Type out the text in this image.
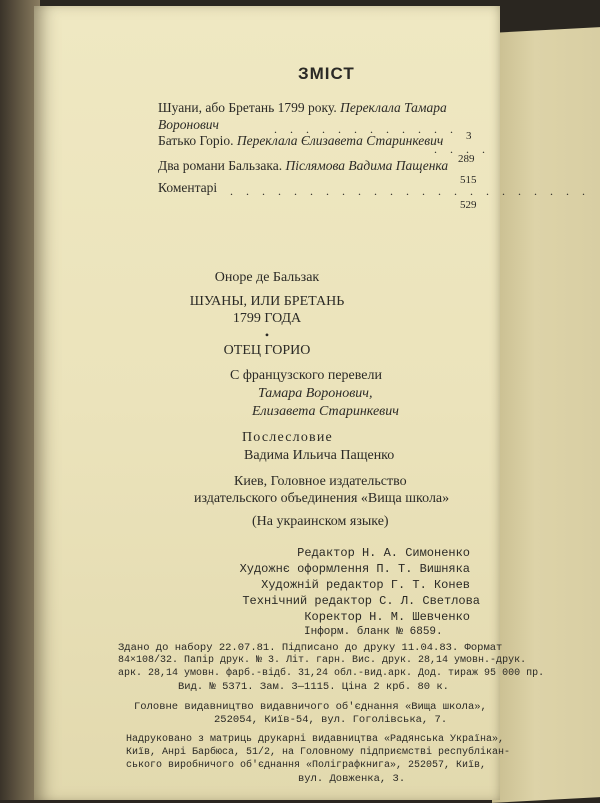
ЗМІСТ
Шуани, або Бретань 1799 року. Переклала Тамара
Воронович	. . . . . . . . . . . . 3
Батько Горіо. Переклала Єлизавета Старинкевич
. . . .
289
Два романи Бальзака. Післямова Вадима Пащенка
515
Коментарі . . . . . . . . . . . . . . . . . . . . . . .
529
Оноре де Бальзак
ШУАНЫ, ИЛИ БРЕТАНЬ
1799 ГОДА
•
ОТЕЦ ГОРИО
С французского перевели
Тамара Воронович,
Елизавета Старинкевич
Послесловие
Вадима Ильича Пащенко
Киев, Головное издательство
издательского объединения «Вища школа»
(На украинском языке)
Редактор Н. А. Симоненко
Художнє оформлення П. Т. Вишняка
Художній редактор Г. Т. Конев
Технічний редактор С. Л. Светлова
Коректор Н. М. Шевченко
Інформ. бланк № 6859.
Здано до набору 22.07.81. Підписано до друку 11.04.83. Формат
84×108/32. Папір друк. № 3. Літ. гарн. Вис. друк. 28,14 умовн.-друк.
арк. 28,14 умовн. фарб.-відб. 31,24 обл.-вид.арк. Дод. тираж 95 000 пр.
Вид. № 5371. Зам. 3—1115. Ціна 2 крб. 80 к.
Головне видавництво видавничого об'єднання «Вища школа»,
252054, Київ-54, вул. Гоголівська, 7.
Надруковано з матриць друкарні видавництва «Радянська Україна»,
Київ, Анрі Барбюса, 51/2, на Головному підприємстві республікан-
ського виробничого об'єднання «Поліграфкнига», 252057, Київ,
вул. Довженка, 3.
